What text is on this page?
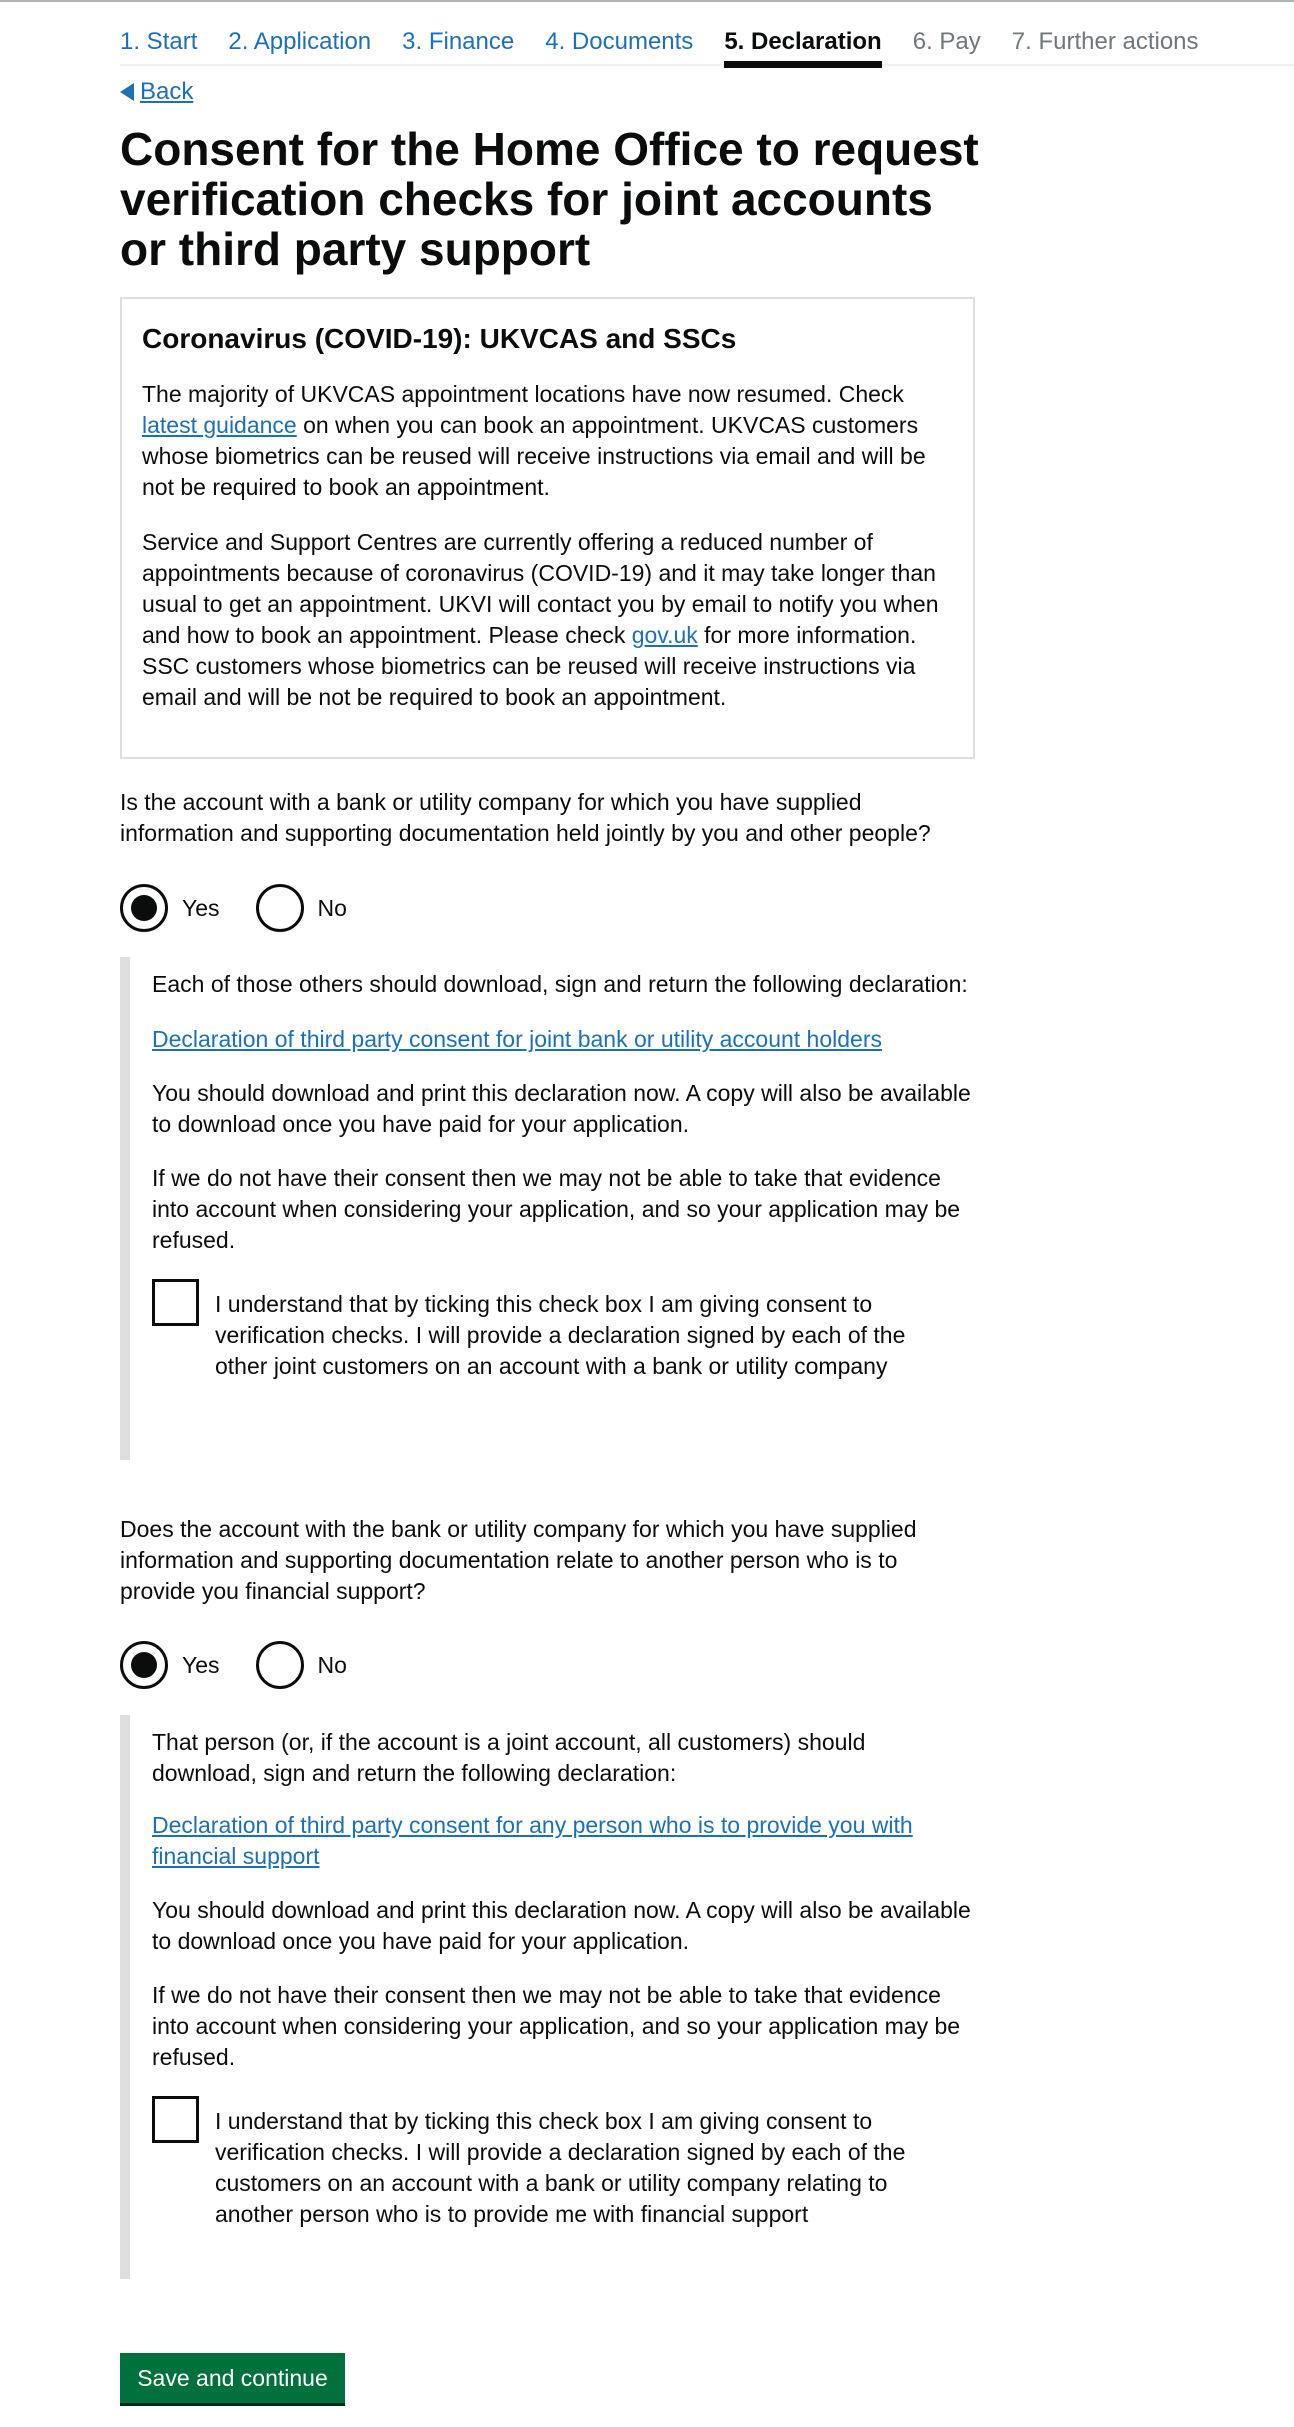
1. Start 2. Application 3. Finance 4. Documents 5. Declaration 6. Pay 7. Further actions
Back
Consent for the Home Office to request verification checks for joint accounts or third party support
Coronavirus (COVID-19): UKVCAS and SSCs

The majority of UKVCAS appointment locations have now resumed. Check latest guidance on when you can book an appointment. UKVCAS customers whose biometrics can be reused will receive instructions via email and will be not be required to book an appointment.

Service and Support Centres are currently offering a reduced number of appointments because of coronavirus (COVID-19) and it may take longer than usual to get an appointment. UKVI will contact you by email to notify you when and how to book an appointment. Please check gov.uk for more information. SSC customers whose biometrics can be reused will receive instructions via email and will be not be required to book an appointment.

Is the account with a bank or utility company for which you have supplied information and supporting documentation held jointly by you and other people?

Yes	No

Each of those others should download, sign and return the following declaration:

Declaration of third party consent for joint bank or utility account holders

You should download and print this declaration now. A copy will also be available to download once you have paid for your application.

If we do not have their consent then we may not be able to take that evidence into account when considering your application, and so your application may be refused.

I understand that by ticking this check box I am giving consent to verification checks. I will provide a declaration signed by each of the other joint customers on an account with a bank or utility company

Does the account with the bank or utility company for which you have supplied information and supporting documentation relate to another person who is to provide you financial support?

Yes	No

That person (or, if the account is a joint account, all customers) should download, sign and return the following declaration:

Declaration of third party consent for any person who is to provide you with financial support

You should download and print this declaration now. A copy will also be available to download once you have paid for your application.

If we do not have their consent then we may not be able to take that evidence into account when considering your application, and so your application may be refused.

I understand that by ticking this check box I am giving consent to verification checks. I will provide a declaration signed by each of the customers on an account with a bank or utility company relating to another person who is to provide me with financial support
Save and continue
